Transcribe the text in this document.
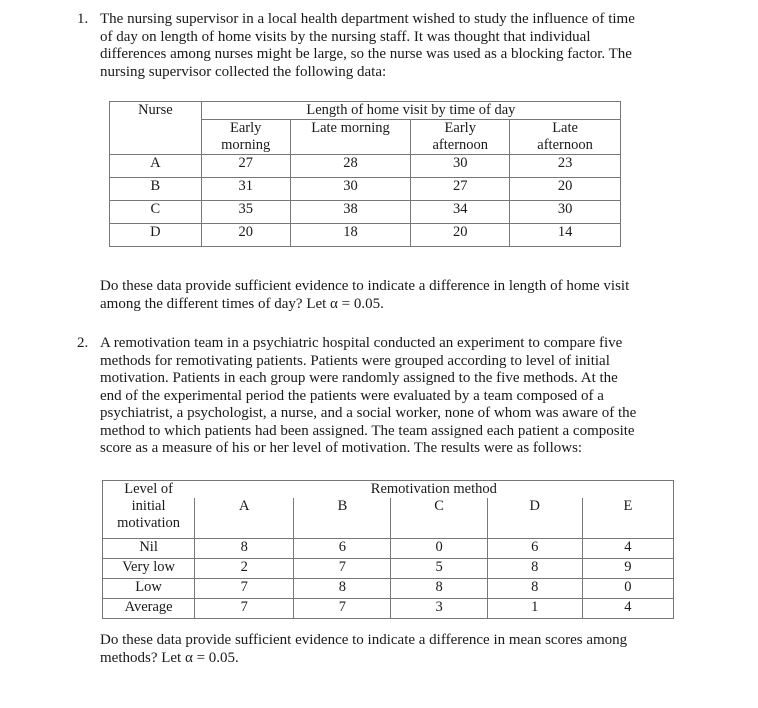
1. The nursing supervisor in a local health department wished to study the influence of time
of day on length of home visits by the nursing staff. It was thought that individual
differences among nurses might be large, so the nurse was used as a blocking factor. The
nursing supervisor collected the following data:

Nurse	Length of home visit by time of day			
	Early
morning	Late morning	Early
afternoon	Late
afternoon
A	27	28	30	23
B	31	30	27	20
C	35	38	34	30
D	20	18	20	14

Do these data provide sufficient evidence to indicate a difference in length of home visit
among the different times of day? Let α = 0.05.

2. A remotivation team in a psychiatric hospital conducted an experiment to compare five
methods for remotivating patients. Patients were grouped according to level of initial
motivation. Patients in each group were randomly assigned to the five methods. At the
end of the experimental period the patients were evaluated by a team composed of a
psychiatrist, a psychologist, a nurse, and a social worker, none of whom was aware of the
method to which patients had been assigned. The team assigned each patient a composite
score as a measure of his or her level of motivation. The results were as follows:

Level of
initial
motivation	Remotivation method				
	A	B	C	D	E
Nil	8	6	0	6	4
Very low	2	7	5	8	9
Low	7	8	8	8	0
Average	7	7	3	1	4

Do these data provide sufficient evidence to indicate a difference in mean scores among
methods? Let α = 0.05.
